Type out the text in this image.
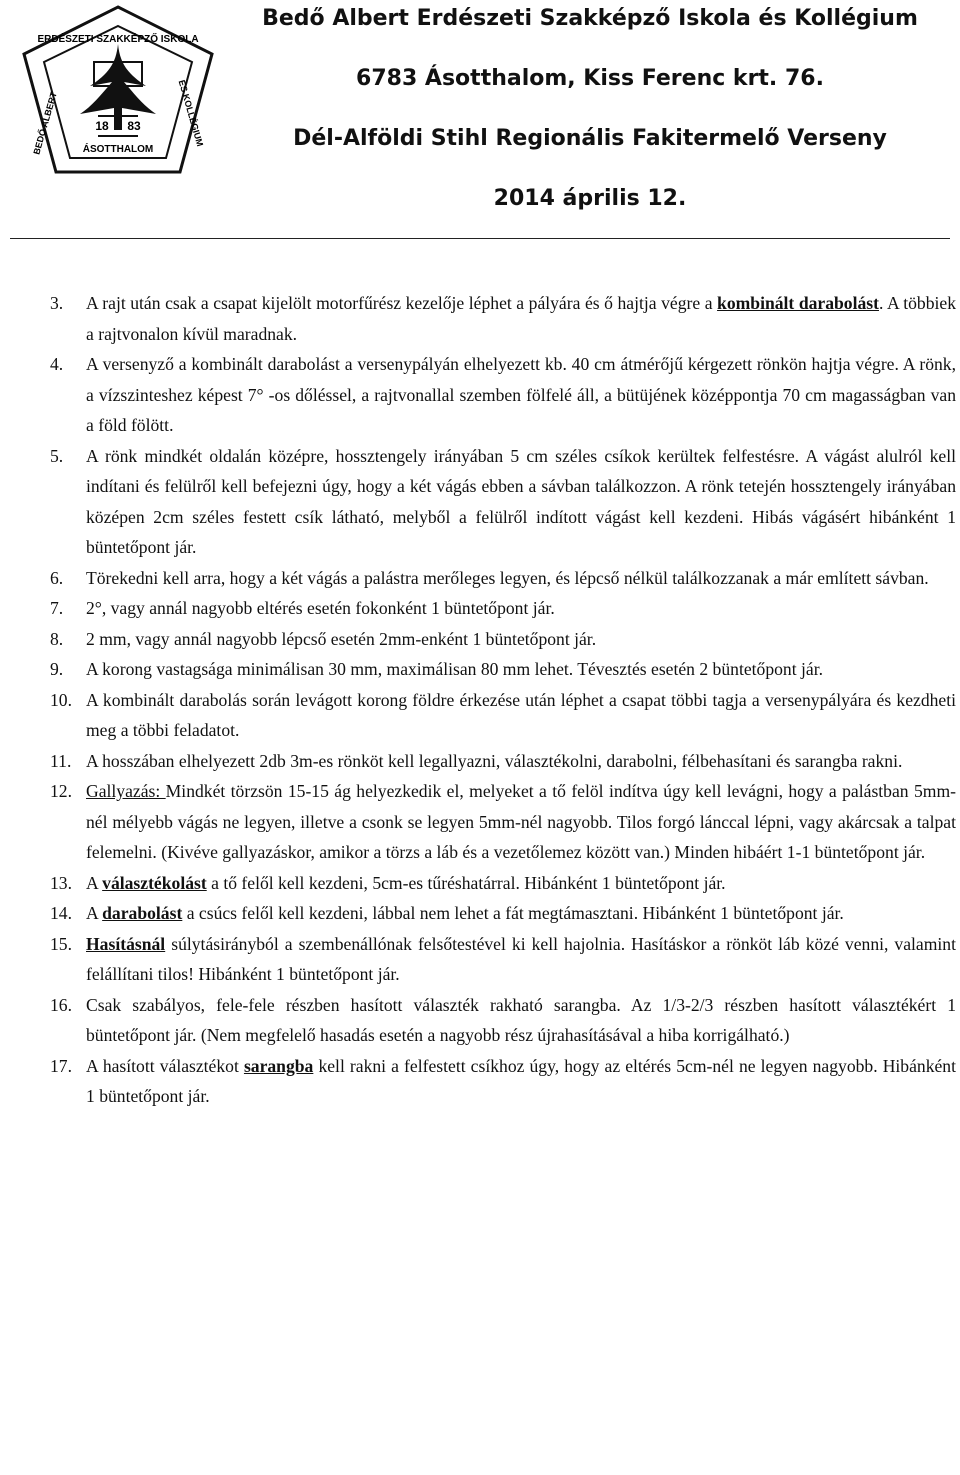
18 83
ERDÉSZETI SZAKKÉPZŐ ISKOLA
BEDŐ ALBERT	ÉS KOLLÉGIUM
ÁSOTTHALOM
Bedő Albert Erdészeti Szakképző Iskola és Kollégium
6783 Ásotthalom, Kiss Ferenc krt. 76.
Dél-Alföldi Stihl Regionális Fakitermelő Verseny
2014 április 12.
3. A rajt után csak a csapat kijelölt motorfűrész kezelője léphet a pályára és ő hajtja végre a kombinált darabolást. A többiek a rajtvonalon kívül maradnak.
4. A versenyző a kombinált darabolást a versenypályán elhelyezett kb. 40 cm átmérőjű kérgezett rönkön hajtja végre. A rönk, a vízszinteshez képest 7° -os dőléssel, a rajtvonallal szemben fölfelé áll, a bütüjének középpontja 70 cm magasságban van a föld fölött.
5. A rönk mindkét oldalán középre, hossztengely irányában 5 cm széles csíkok kerültek felfestésre. A vágást alulról kell indítani és felülről kell befejezni úgy, hogy a két vágás ebben a sávban találkozzon. A rönk tetején hossztengely irányában középen 2cm széles festett csík látható, melyből a felülről indított vágást kell kezdeni. Hibás vágásért hibánként 1 büntetőpont jár.
6. Törekedni kell arra, hogy a két vágás a palástra merőleges legyen, és lépcső nélkül találkozzanak a már említett sávban.
7. 2°, vagy annál nagyobb eltérés esetén fokonként 1 büntetőpont jár.
8. 2 mm, vagy annál nagyobb lépcső esetén 2mm-enként 1 büntetőpont jár.
9. A korong vastagsága minimálisan 30 mm, maximálisan 80 mm lehet. Tévesztés esetén 2 büntetőpont jár.
10. A kombinált darabolás során levágott korong földre érkezése után léphet a csapat többi tagja a versenypályára és kezdheti meg a többi feladatot.
11. A hosszában elhelyezett 2db 3m-es rönköt kell legallyazni, választékolni, darabolni, félbehasítani és sarangba rakni.
12. Gallyazás: Mindkét törzsön 15-15 ág helyezkedik el, melyeket a tő felöl indítva úgy kell levágni, hogy a palástban 5mm-nél mélyebb vágás ne legyen, illetve a csonk se legyen 5mm-nél nagyobb. Tilos forgó lánccal lépni, vagy akárcsak a talpat felemelni. (Kivéve gallyazáskor, amikor a törzs a láb és a vezetőlemez között van.) Minden hibáért 1-1 büntetőpont jár.
13. A választékolást a tő felől kell kezdeni, 5cm-es tűréshatárral. Hibánként 1 büntetőpont jár.
14. A darabolást a csúcs felől kell kezdeni, lábbal nem lehet a fát megtámasztani. Hibánként 1 büntetőpont jár.
15. Hasításnál súlytásirányból a szembenállónak felsőtestével ki kell hajolnia. Hasításkor a rönköt láb közé venni, valamint felállítani tilos! Hibánként 1 büntetőpont jár.
16. Csak szabályos, fele-fele részben hasított választék rakható sarangba. Az 1/3-2/3 részben hasított választékért 1 büntetőpont jár. (Nem megfelelő hasadás esetén a nagyobb rész újrahasításával a hiba korrigálható.)
17. A hasított választékot sarangba kell rakni a felfestett csíkhoz úgy, hogy az eltérés 5cm-nél ne legyen nagyobb. Hibánként 1 büntetőpont jár.
